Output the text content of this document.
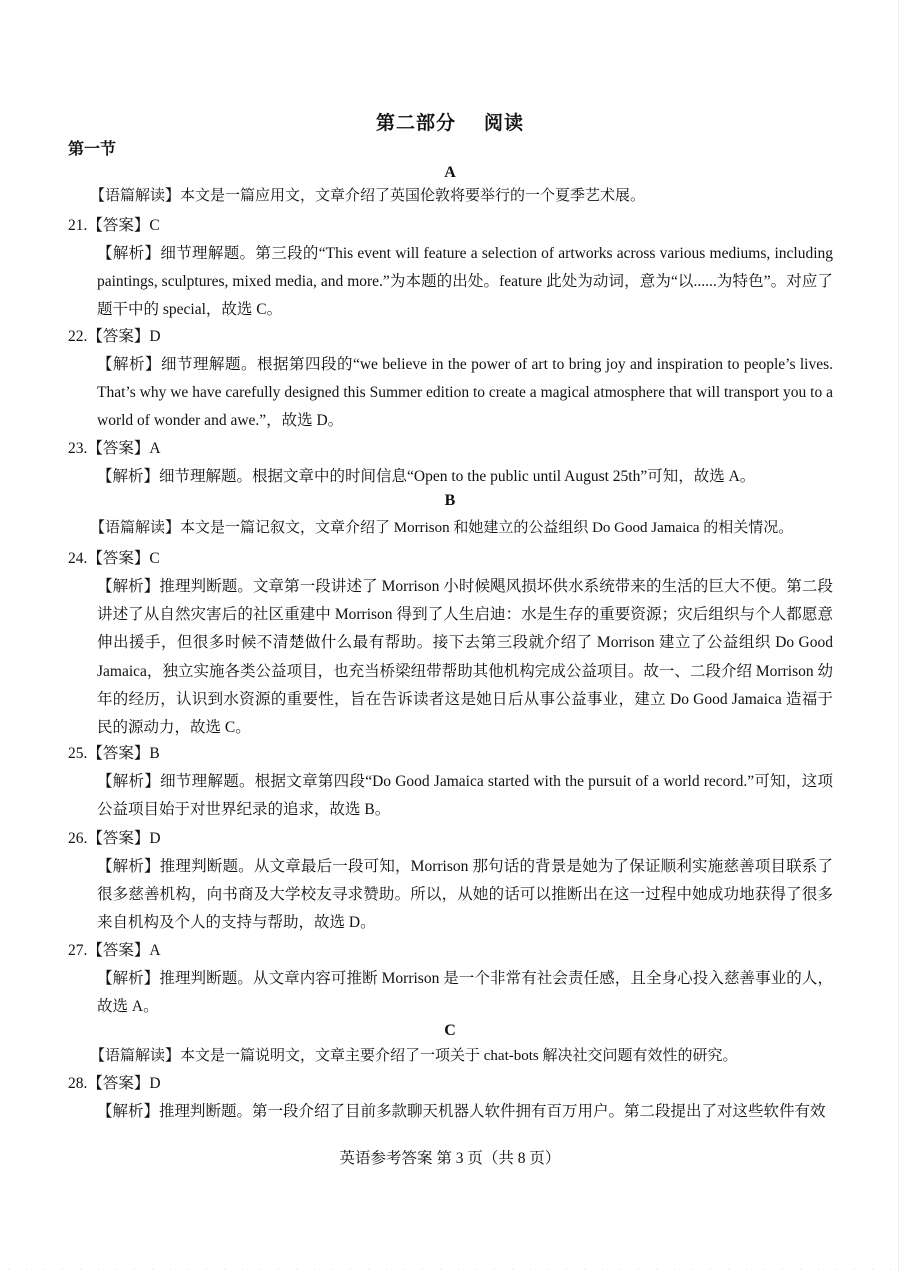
第二部分 阅读
第一节
A
【语篇解读】本文是一篇应用文，文章介绍了英国伦敦将要举行的一个夏季艺术展。
21.【答案】C
【解析】细节理解题。第三段的“This event will feature a selection of artworks across various mediums, including paintings, sculptures, mixed media, and more.”为本题的出处。feature 此处为动词，意为“以......为特色”。对应了题干中的 special，故选 C。
22.【答案】D
【解析】细节理解题。根据第四段的“we believe in the power of art to bring joy and inspiration to people’s lives. That’s why we have carefully designed this Summer edition to create a magical atmosphere that will transport you to a world of wonder and awe.”，故选 D。
23.【答案】A
【解析】细节理解题。根据文章中的时间信息“Open to the public until August 25th”可知，故选 A。
B
【语篇解读】本文是一篇记叙文，文章介绍了 Morrison 和她建立的公益组织 Do Good Jamaica 的相关情况。
24.【答案】C
【解析】推理判断题。文章第一段讲述了 Morrison 小时候飓风损坏供水系统带来的生活的巨大不便。第二段讲述了从自然灾害后的社区重建中 Morrison 得到了人生启迪：水是生存的重要资源；灾后组织与个人都愿意伸出援手，但很多时候不清楚做什么最有帮助。接下去第三段就介绍了 Morrison 建立了公益组织 Do Good Jamaica，独立实施各类公益项目，也充当桥梁纽带帮助其他机构完成公益项目。故一、二段介绍 Morrison 幼年的经历，认识到水资源的重要性，旨在告诉读者这是她日后从事公益事业，建立 Do Good Jamaica 造福于民的源动力，故选 C。
25.【答案】B
【解析】细节理解题。根据文章第四段“Do Good Jamaica started with the pursuit of a world record.”可知，这项公益项目始于对世界纪录的追求，故选 B。
26.【答案】D
【解析】推理判断题。从文章最后一段可知，Morrison 那句话的背景是她为了保证顺利实施慈善项目联系了很多慈善机构，向书商及大学校友寻求赞助。所以，从她的话可以推断出在这一过程中她成功地获得了很多来自机构及个人的支持与帮助，故选 D。
27.【答案】A
【解析】推理判断题。从文章内容可推断 Morrison 是一个非常有社会责任感，且全身心投入慈善事业的人，故选 A。
C
【语篇解读】本文是一篇说明文，文章主要介绍了一项关于 chat-bots 解决社交问题有效性的研究。
28.【答案】D
【解析】推理判断题。第一段介绍了目前多款聊天机器人软件拥有百万用户。第二段提出了对这些软件有效
英语参考答案 第 3 页（共 8 页）
